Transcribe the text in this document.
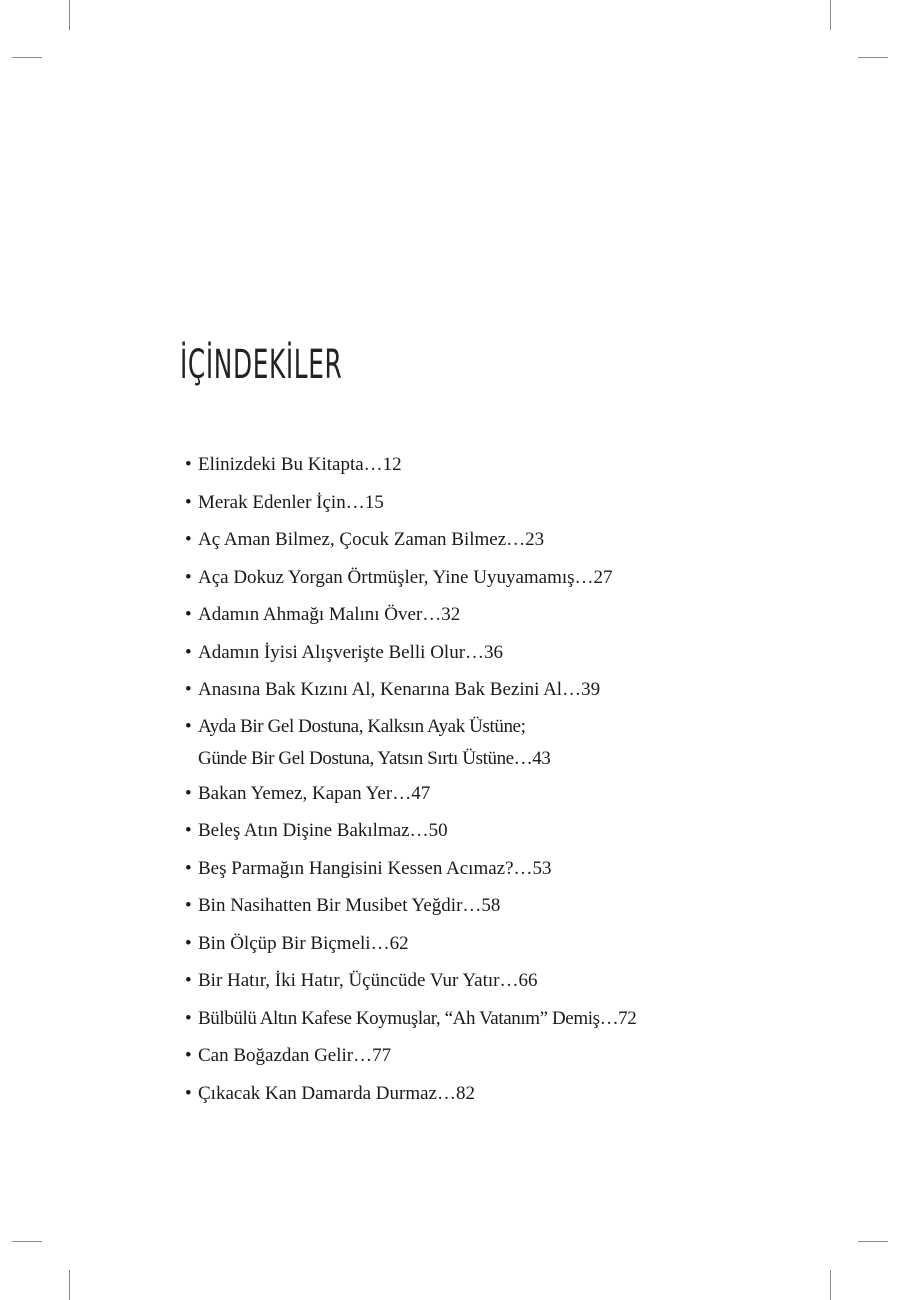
İÇİNDEKİLER
• Elinizdeki Bu Kitapta…12
• Merak Edenler İçin…15
• Aç Aman Bilmez, Çocuk Zaman Bilmez…23
• Aça Dokuz Yorgan Örtmüşler, Yine Uyuyamamış…27
• Adamın Ahmağı Malını Över…32
• Adamın İyisi Alışverişte Belli Olur…36
• Anasına Bak Kızını Al, Kenarına Bak Bezini Al…39
• Ayda Bir Gel Dostuna, Kalksın Ayak Üstüne;
Günde Bir Gel Dostuna, Yatsın Sırtı Üstüne…43
• Bakan Yemez, Kapan Yer…47
• Beleş Atın Dişine Bakılmaz…50
• Beş Parmağın Hangisini Kessen Acımaz?…53
• Bin Nasihatten Bir Musibet Yeğdir…58
• Bin Ölçüp Bir Biçmeli…62
• Bir Hatır, İki Hatır, Üçüncüde Vur Yatır…66
• Bülbülü Altın Kafese Koymuşlar, “Ah Vatanım” Demiş…72
• Can Boğazdan Gelir…77
• Çıkacak Kan Damarda Durmaz…82
